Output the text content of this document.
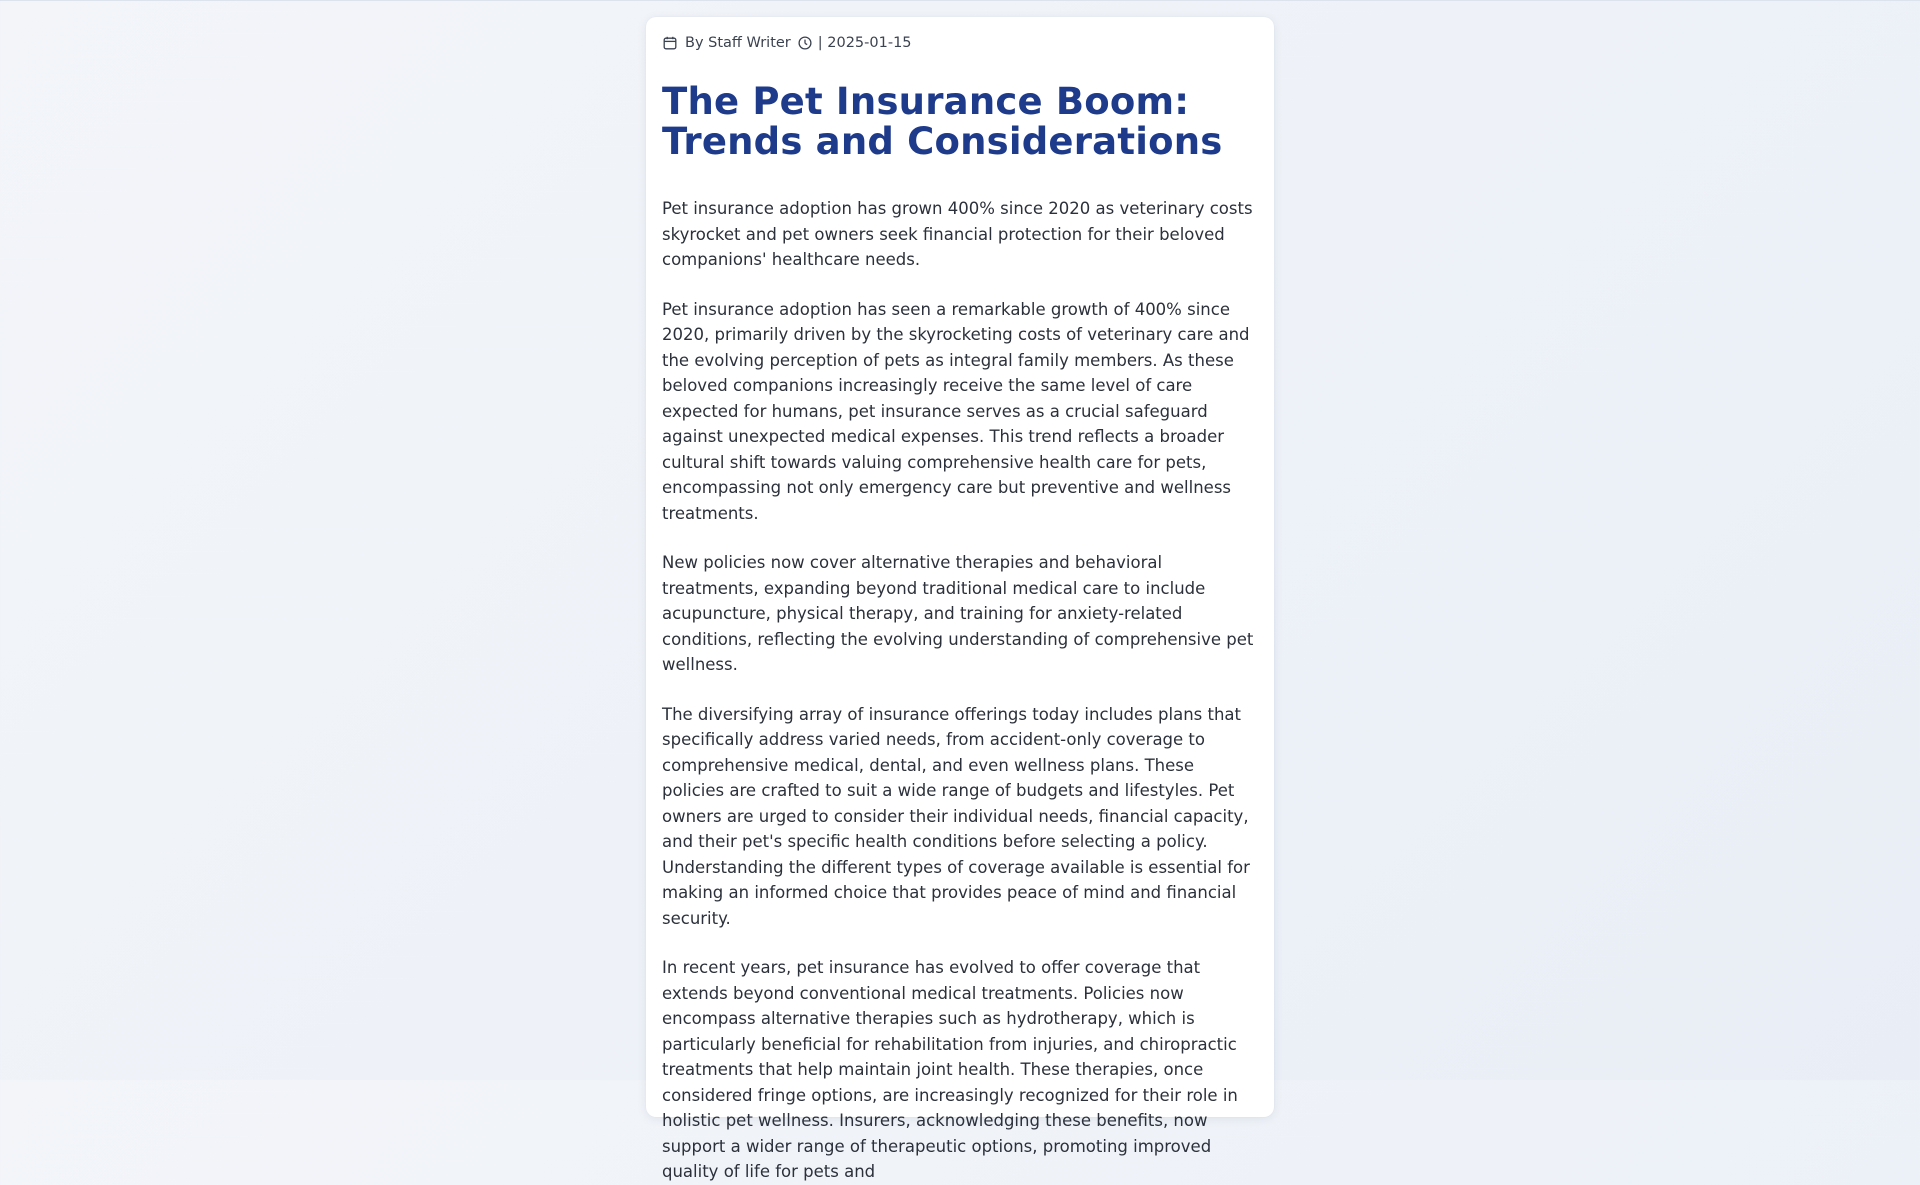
By Staff Writer | 2025-01-15
The Pet Insurance Boom: Trends and Considerations

Pet insurance adoption has grown 400% since 2020 as veterinary costs skyrocket and pet owners seek financial protection for their beloved companions' healthcare needs.

Pet insurance adoption has seen a remarkable growth of 400% since 2020, primarily driven by the skyrocketing costs of veterinary care and the evolving perception of pets as integral family members. As these beloved companions increasingly receive the same level of care expected for humans, pet insurance serves as a crucial safeguard against unexpected medical expenses. This trend reflects a broader cultural shift towards valuing comprehensive health care for pets, encompassing not only emergency care but preventive and wellness treatments.

New policies now cover alternative therapies and behavioral treatments, expanding beyond traditional medical care to include acupuncture, physical therapy, and training for anxiety-related conditions, reflecting the evolving understanding of comprehensive pet wellness.

The diversifying array of insurance offerings today includes plans that specifically address varied needs, from accident-only coverage to comprehensive medical, dental, and even wellness plans. These policies are crafted to suit a wide range of budgets and lifestyles. Pet owners are urged to consider their individual needs, financial capacity, and their pet's specific health conditions before selecting a policy. Understanding the different types of coverage available is essential for making an informed choice that provides peace of mind and financial security.

In recent years, pet insurance has evolved to offer coverage that extends beyond conventional medical treatments. Policies now encompass alternative therapies such as hydrotherapy, which is particularly beneficial for rehabilitation from injuries, and chiropractic treatments that help maintain joint health. These therapies, once considered fringe options, are increasingly recognized for their role in holistic pet wellness. Insurers, acknowledging these benefits, now support a wider range of therapeutic options, promoting improved quality of life for pets and
